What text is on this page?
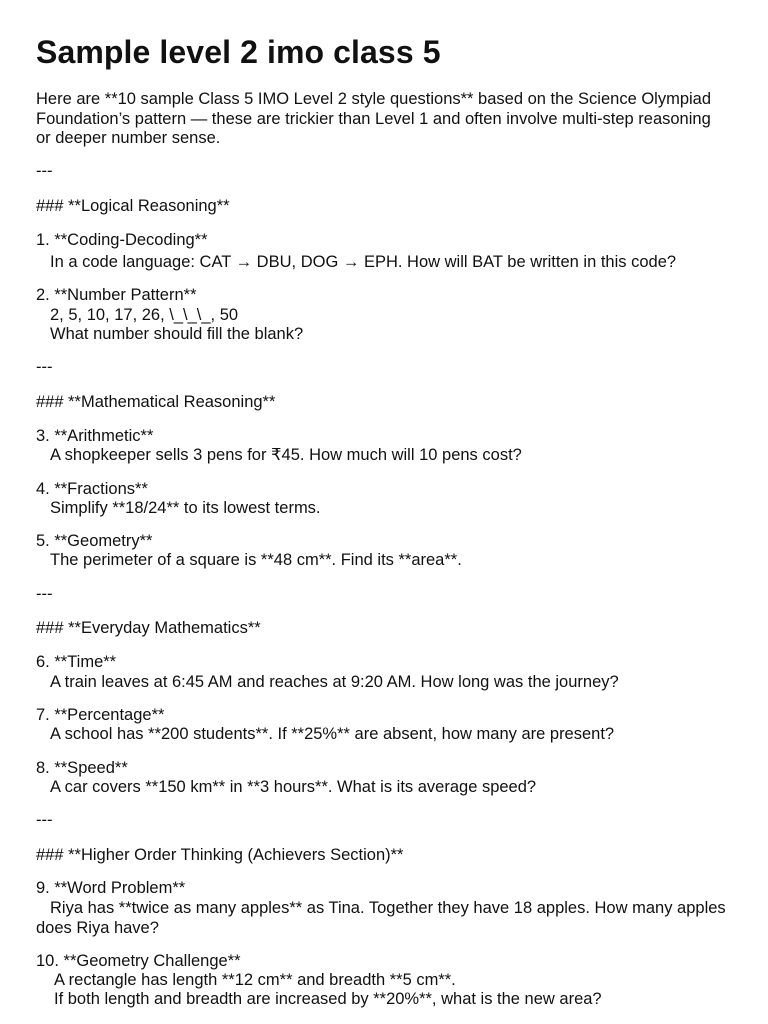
Sample level 2 imo class 5
Here are **10 sample Class 5 IMO Level 2 style questions** based on the Science Olympiad Foundation’s pattern — these are trickier than Level 1 and often involve multi-step reasoning or deeper number sense.
---
### **Logical Reasoning**
1. **Coding-Decoding**
In a code language: CAT → DBU, DOG → EPH. How will BAT be written in this code?
2. **Number Pattern**
2, 5, 10, 17, 26, \_\_\_, 50
What number should fill the blank?
---
### **Mathematical Reasoning**
3. **Arithmetic**
A shopkeeper sells 3 pens for ₹45. How much will 10 pens cost?
4. **Fractions**
Simplify **18/24** to its lowest terms.
5. **Geometry**
The perimeter of a square is **48 cm**. Find its **area**.
---
### **Everyday Mathematics**
6. **Time**
A train leaves at 6:45 AM and reaches at 9:20 AM. How long was the journey?
7. **Percentage**
A school has **200 students**. If **25%** are absent, how many are present?
8. **Speed**
A car covers **150 km** in **3 hours**. What is its average speed?
---
### **Higher Order Thinking (Achievers Section)**
9. **Word Problem**
Riya has **twice as many apples** as Tina. Together they have 18 apples. How many apples does Riya have?
10. **Geometry Challenge**
A rectangle has length **12 cm** and breadth **5 cm**.
If both length and breadth are increased by **20%**, what is the new area?
